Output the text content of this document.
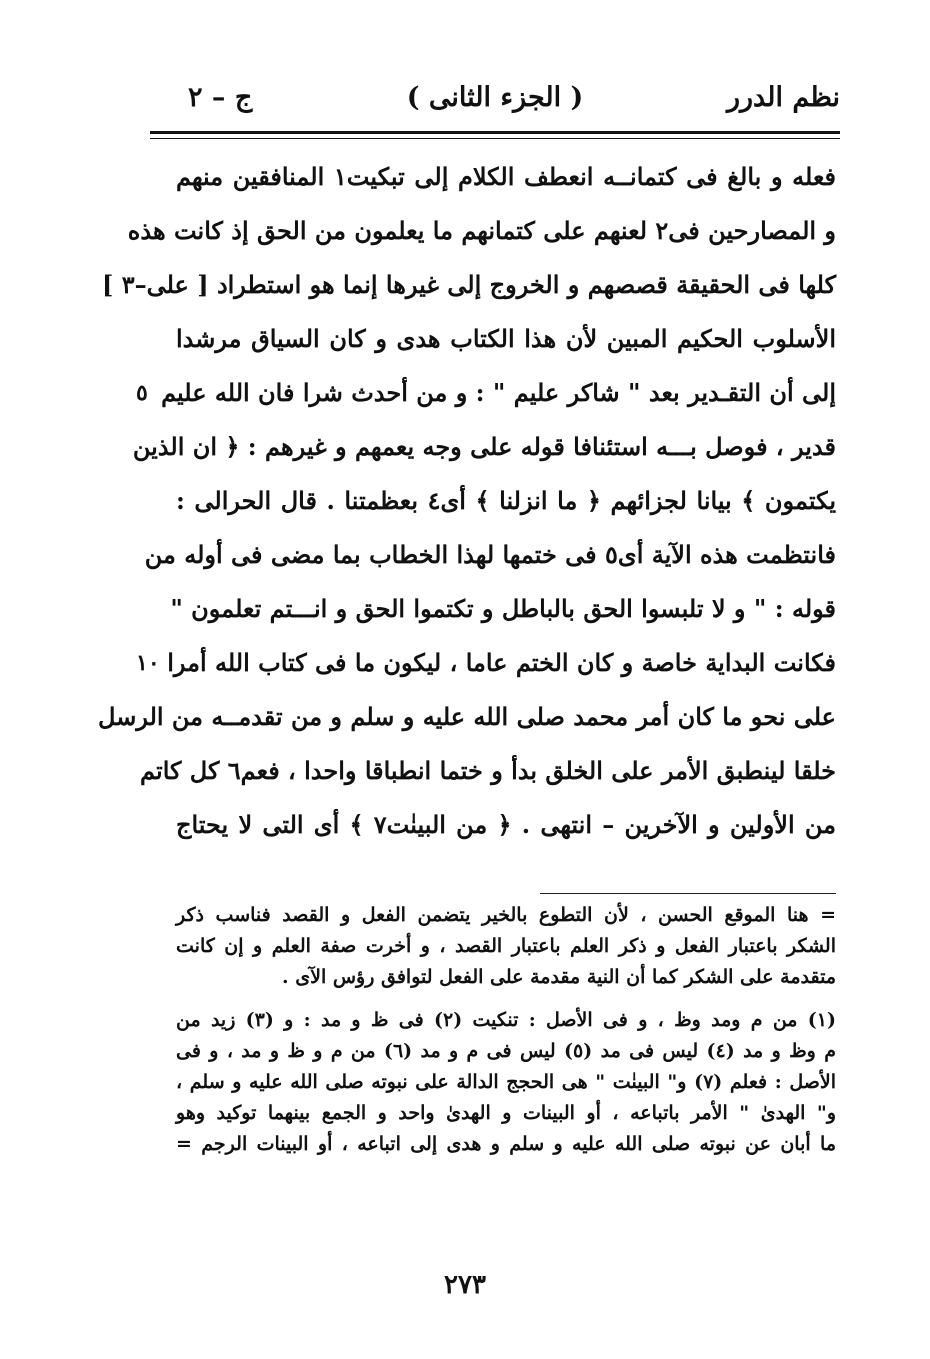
نظم الدرر
( الجزء الثانى )
ج – ٢
فعله و بالغ فى كتمانــه انعطف الكلام إلى تبكيت١ المنافقين منهم
و المصارحين فى٢ لعنهم على كتمانهم ما يعلمون من الحق إذ كانت هذه
كلها فى الحقيقة قصصهم و الخروج إلى غيرها إنما هو استطراد [ على–٣ ]
الأسلوب الحكيم المبين لأن هذا الكتاب هدى و كان السياق مرشدا
إلى أن التقـدير بعد " شاكر عليم " : و من أحدث شرا فان الله عليم
٥
قدير ، فوصل بـــه استئنافا قوله على وجه يعمهم و غيرهم : ﴿ ان الذين
يكتمون ﴾ بيانا لجزائهم ﴿ ما انزلنا ﴾ أى٤ بعظمتنا . قال الحرالى :
فانتظمت هذه الآية أى٥ فى ختمها لهذا الخطاب بما مضى فى أوله من
قوله : " و لا تلبسوا الحق بالباطل و تكتموا الحق و انـــتم تعلمون "
فكانت البداية خاصة و كان الختم عاما ، ليكون ما فى كتاب الله أمرا
١٠
على نحو ما كان أمر محمد صلى الله عليه و سلم و من تقدمــه من الرسل
خلقا لينطبق الأمر على الخلق بدأ و ختما انطباقا واحدا ، فعم٦ كل كاتم
من الأولين و الآخرين – انتهى . ﴿ من البينٰت٧ ﴾ أى التى لا يحتاج
= هنا الموقع الحسن ، لأن التطوع بالخير يتضمن الفعل و القصد فناسب ذكر
الشكر باعتبار الفعل و ذكر العلم باعتبار القصد ، و أخرت صفة العلم و إن كانت
متقدمة على الشكر كما أن النية مقدمة على الفعل لتوافق رؤس الآى .
(١) من م ومد وظ ، و فى الأصل : تنكيت (٢) فى ظ و مد : و (٣) زيد من
م وظ و مد (٤) ليس فى مد (٥) ليس فى م و مد (٦) من م و ظ و مد ، و فى
الأصل : فعلم (٧) و" البينٰت " هى الحجج الدالة على نبوته صلى الله عليه و سلم ،
و" الهدىٰ " الأمر باتباعه ، أو البينات و الهدىٰ واحد و الجمع بينهما توكيد وهو
ما أبان عن نبوته صلى الله عليه و سلم و هدى إلى اتباعه ، أو البينات الرجم =
٢٧٣
